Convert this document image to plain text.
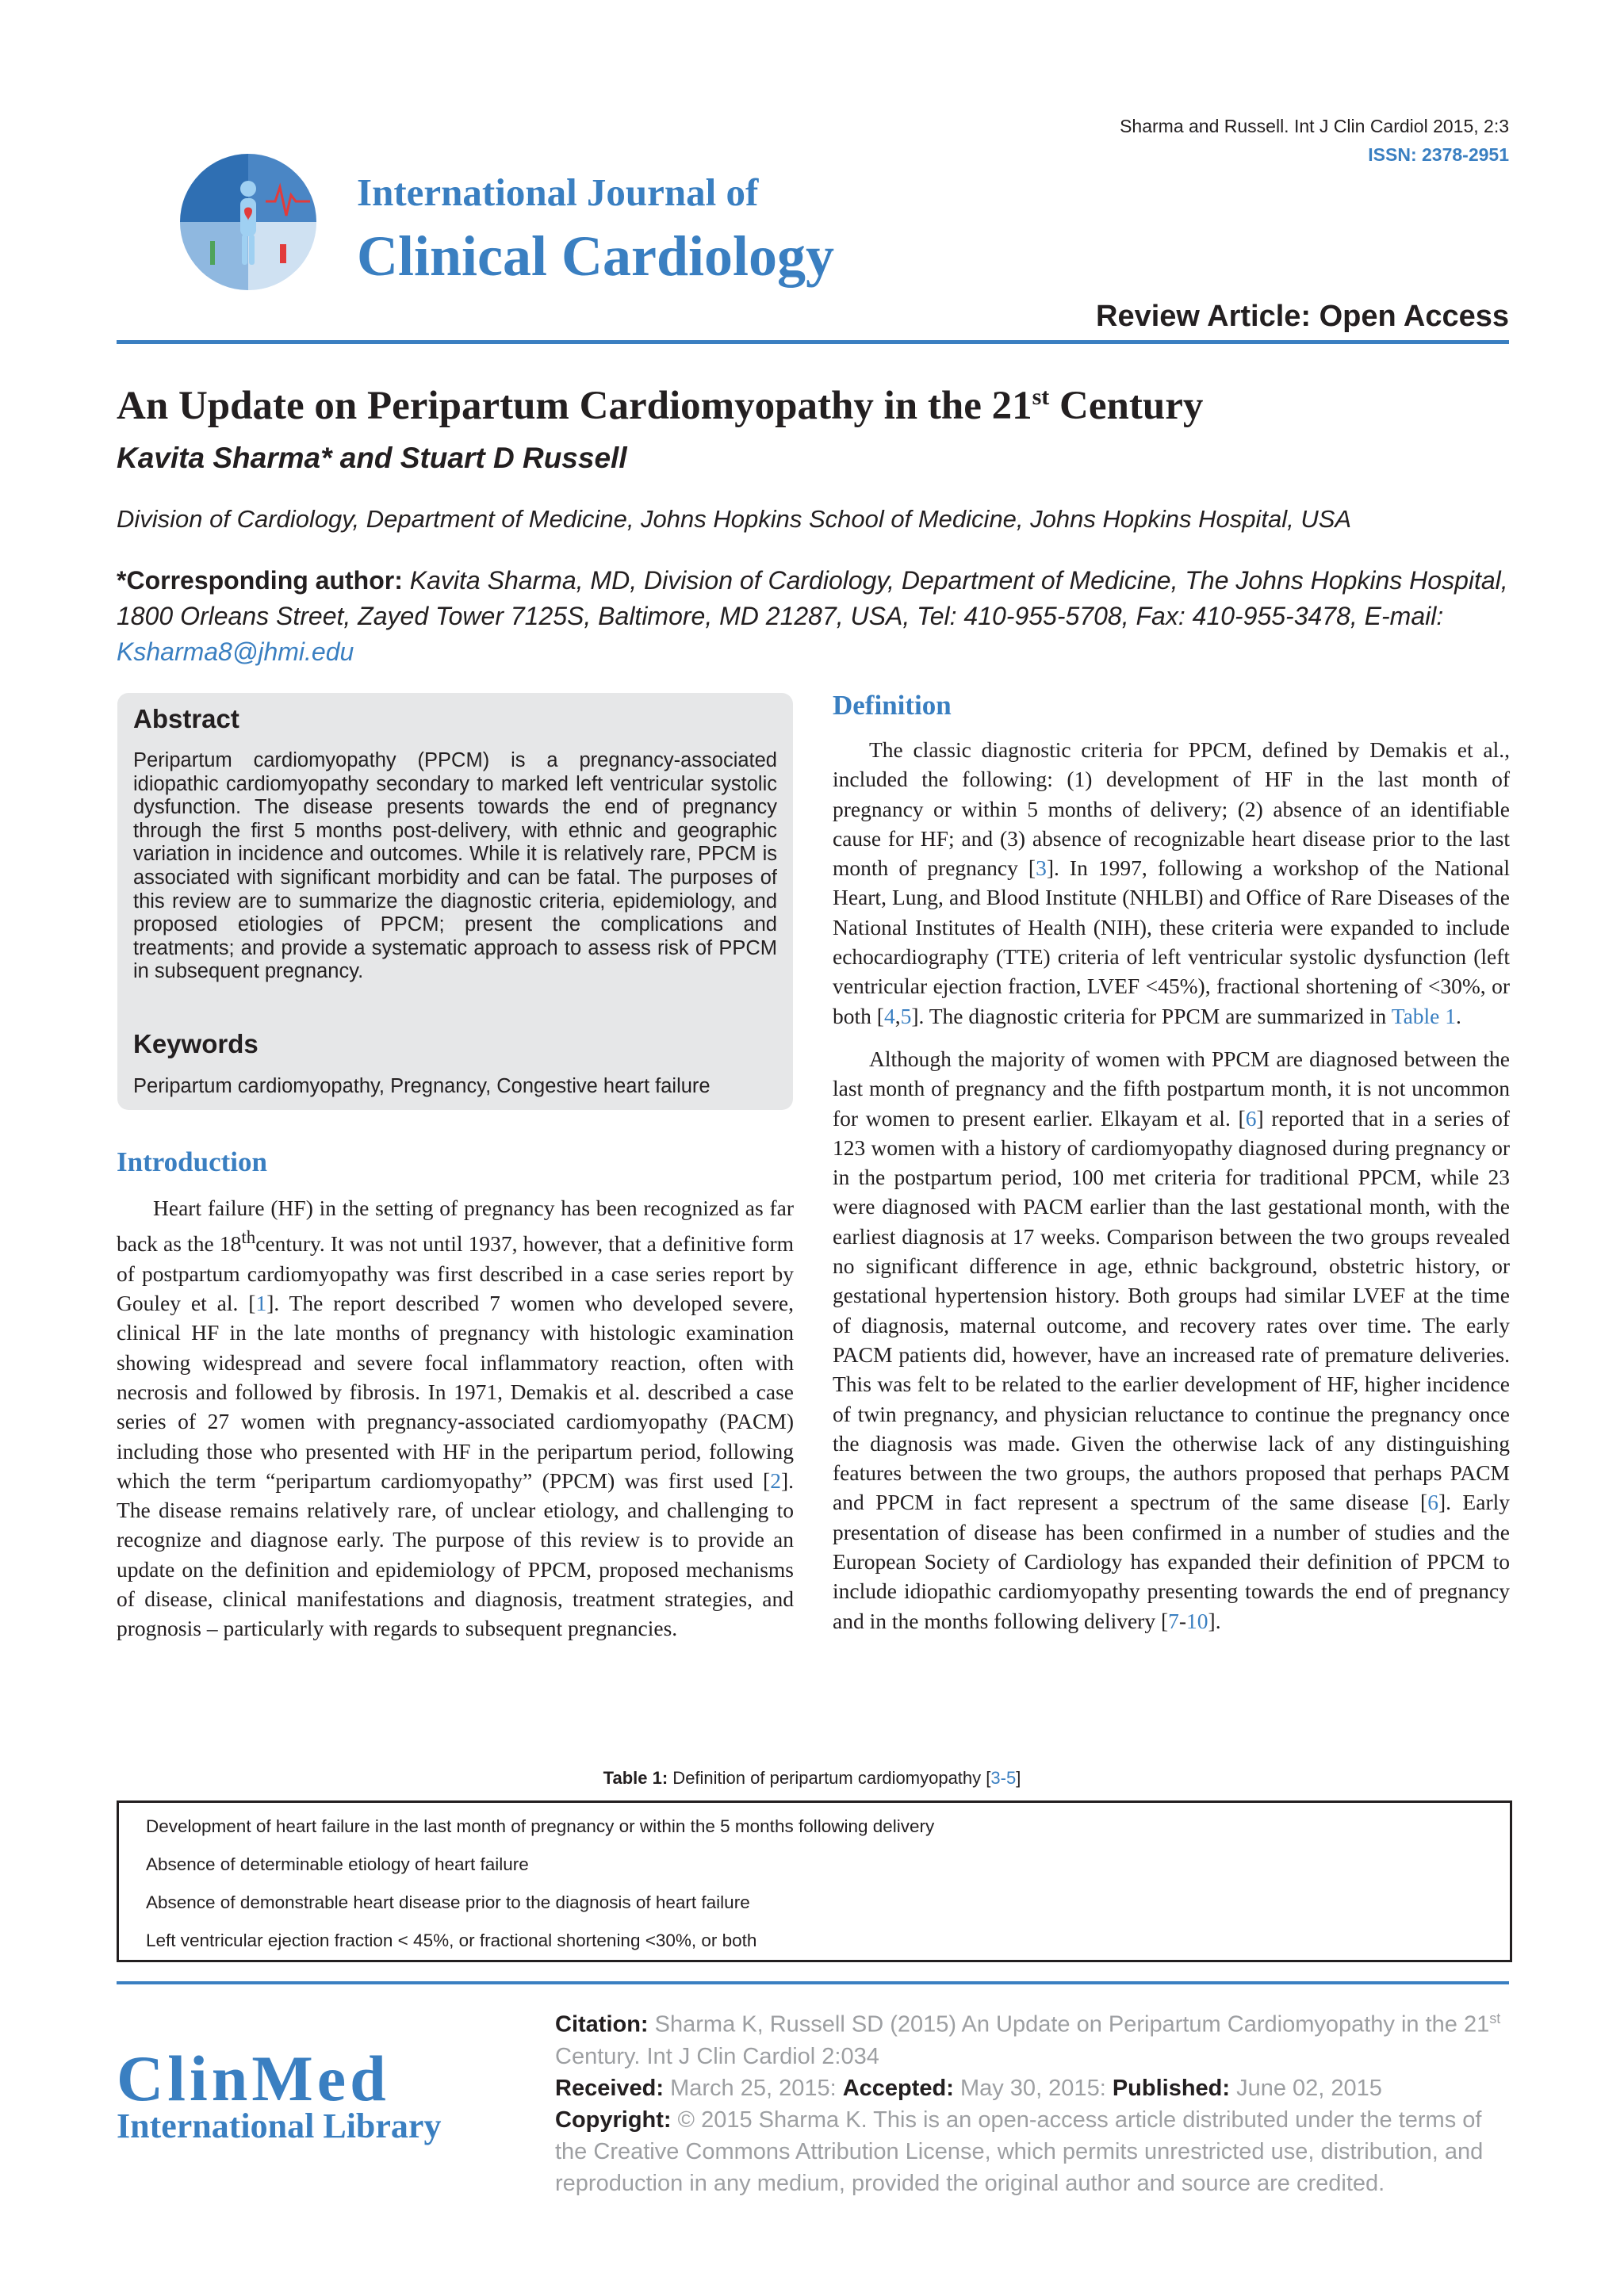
Sharma and Russell. Int J Clin Cardiol 2015, 2:3
ISSN: 2378-2951
International Journal of
Clinical Cardiology
Review Article: Open Access
An Update on Peripartum Cardiomyopathy in the 21st Century
Kavita Sharma* and Stuart D Russell
Division of Cardiology, Department of Medicine, Johns Hopkins School of Medicine, Johns Hopkins Hospital, USA
*Corresponding author: Kavita Sharma, MD, Division of Cardiology, Department of Medicine, The Johns Hopkins Hospital, 1800 Orleans Street, Zayed Tower 7125S, Baltimore, MD 21287, USA, Tel: 410-955-5708, Fax: 410-955-3478, E-mail: Ksharma8@jhmi.edu
Abstract
Peripartum cardiomyopathy (PPCM) is a pregnancy-associated idiopathic cardiomyopathy secondary to marked left ventricular systolic dysfunction. The disease presents towards the end of pregnancy through the first 5 months post-delivery, with ethnic and geographic variation in incidence and outcomes. While it is relatively rare, PPCM is associated with significant morbidity and can be fatal. The purposes of this review are to summarize the diagnostic criteria, epidemiology, and proposed etiologies of PPCM; present the complications and treatments; and provide a systematic approach to assess risk of PPCM in subsequent pregnancy.
Keywords
Peripartum cardiomyopathy, Pregnancy, Congestive heart failure
Introduction

Heart failure (HF) in the setting of pregnancy has been recognized as far back as the 18thcentury. It was not until 1937, however, that a definitive form of postpartum cardiomyopathy was first described in a case series report by Gouley et al. [1]. The report described 7 women who developed severe, clinical HF in the late months of pregnancy with histologic examination showing widespread and severe focal inflammatory reaction, often with necrosis and followed by fibrosis. In 1971, Demakis et al. described a case series of 27 women with pregnancy-associated cardiomyopathy (PACM) including those who presented with HF in the peripartum period, following which the term “peripartum cardiomyopathy” (PPCM) was first used [2]. The disease remains relatively rare, of unclear etiology, and challenging to recognize and diagnose early. The purpose of this review is to provide an update on the definition and epidemiology of PPCM, proposed mechanisms of disease, clinical manifestations and diagnosis, treatment strategies, and prognosis – particularly with regards to subsequent pregnancies.

Definition

The classic diagnostic criteria for PPCM, defined by Demakis et al., included the following: (1) development of HF in the last month of pregnancy or within 5 months of delivery; (2) absence of an identifiable cause for HF; and (3) absence of recognizable heart disease prior to the last month of pregnancy [3]. In 1997, following a workshop of the National Heart, Lung, and Blood Institute (NHLBI) and Office of Rare Diseases of the National Institutes of Health (NIH), these criteria were expanded to include echocardiography (TTE) criteria of left ventricular systolic dysfunction (left ventricular ejection fraction, LVEF <45%), fractional shortening of <30%, or both [4,5]. The diagnostic criteria for PPCM are summarized in Table 1.

Although the majority of women with PPCM are diagnosed between the last month of pregnancy and the fifth postpartum month, it is not uncommon for women to present earlier. Elkayam et al. [6] reported that in a series of 123 women with a history of cardiomyopathy diagnosed during pregnancy or in the postpartum period, 100 met criteria for traditional PPCM, while 23 were diagnosed with PACM earlier than the last gestational month, with the earliest diagnosis at 17 weeks. Comparison between the two groups revealed no significant difference in age, ethnic background, obstetric history, or gestational hypertension history. Both groups had similar LVEF at the time of diagnosis, maternal outcome, and recovery rates over time. The early PACM patients did, however, have an increased rate of premature deliveries. This was felt to be related to the earlier development of HF, higher incidence of twin pregnancy, and physician reluctance to continue the pregnancy once the diagnosis was made. Given the otherwise lack of any distinguishing features between the two groups, the authors proposed that perhaps PACM and PPCM in fact represent a spectrum of the same disease [6]. Early presentation of disease has been confirmed in a number of studies and the European Society of Cardiology has expanded their definition of PPCM to include idiopathic cardiomyopathy presenting towards the end of pregnancy and in the months following delivery [7-10].

Table 1: Definition of peripartum cardiomyopathy [3-5]
Development of heart failure in the last month of pregnancy or within the 5 months following delivery
Absence of determinable etiology of heart failure
Absence of demonstrable heart disease prior to the diagnosis of heart failure
Left ventricular ejection fraction < 45%, or fractional shortening <30%, or both
ClinMed
International Library

Citation: Sharma K, Russell SD (2015) An Update on Peripartum Cardiomyopathy in the 21st Century. Int J Clin Cardiol 2:034

Received: March 25, 2015: Accepted: May 30, 2015: Published: June 02, 2015

Copyright: © 2015 Sharma K. This is an open-access article distributed under the terms of the Creative Commons Attribution License, which permits unrestricted use, distribution, and reproduction in any medium, provided the original author and source are credited.
